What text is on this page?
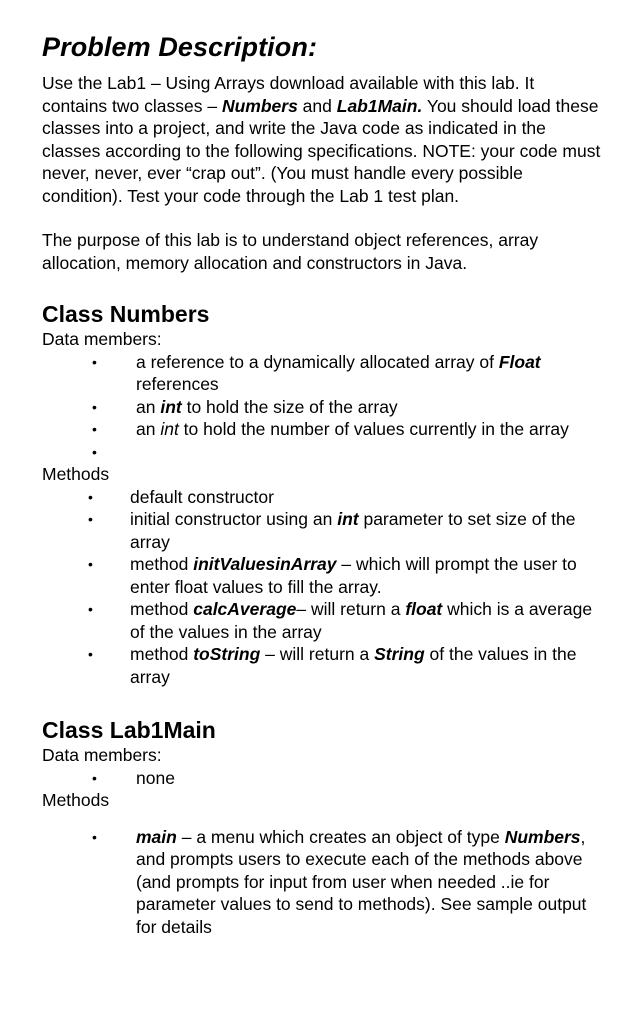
Problem Description:

Use the Lab1 – Using Arrays download available with this lab. It contains two classes – Numbers and Lab1Main. You should load these classes into a project, and write the Java code as indicated in the classes according to the following specifications. NOTE: your code must never, never, ever “crap out”. (You must handle every possible condition). Test your code through the Lab 1 test plan.

The purpose of this lab is to understand object references, array allocation, memory allocation and constructors in Java.

Class Numbers
Data members:
• a reference to a dynamically allocated array of Float references
• an int to hold the size of the array
• an int to hold the number of values currently in the array
•
Methods
• default constructor
• initial constructor using an int parameter to set size of the array
• method initValuesinArray – which will prompt the user to enter float values to fill the array.
• method calcAverage– will return a float which is a average of the values in the array
• method toString – will return a String of the values in the array
Class Lab1Main
Data members:
• none
Methods
• main – a menu which creates an object of type Numbers, and prompts users to execute each of the methods above (and prompts for input from user when needed ..ie for parameter values to send to methods). See sample output for details
